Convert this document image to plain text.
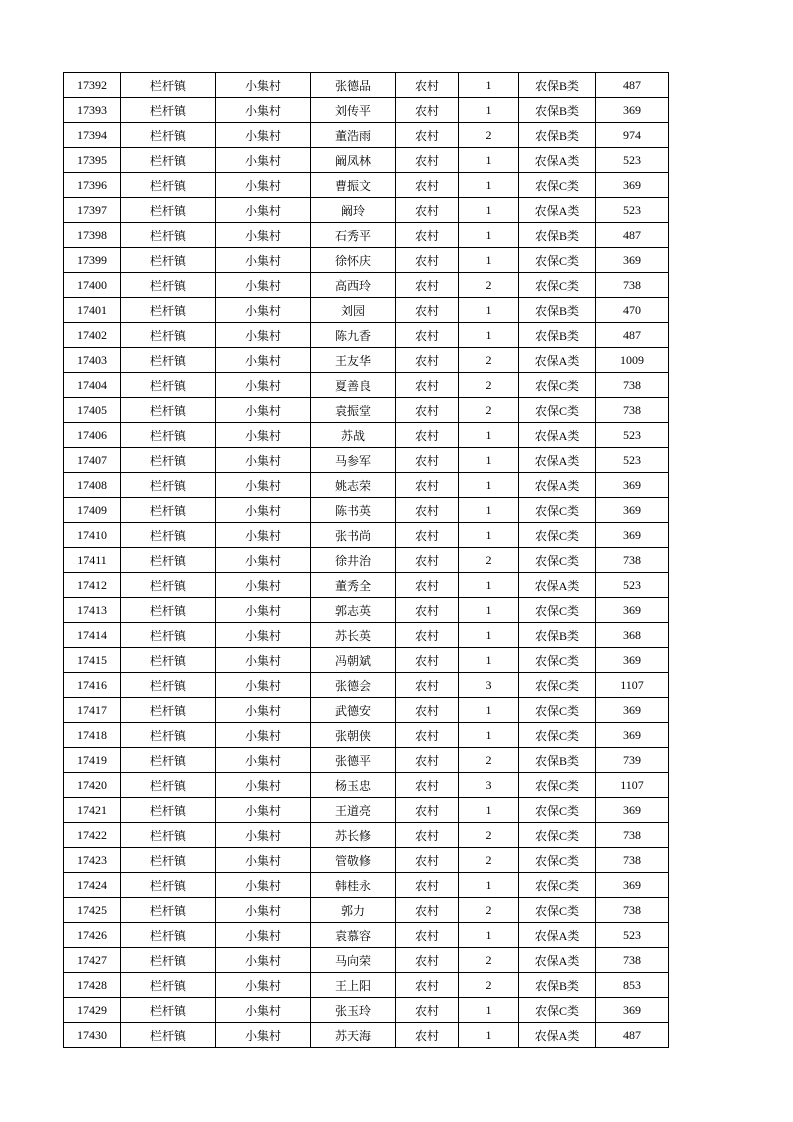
17392	栏杆镇	小集村	张德品	农村	1	农保B类	487
17393	栏杆镇	小集村	刘传平	农村	1	农保B类	369
17394	栏杆镇	小集村	董浩雨	农村	2	农保B类	974
17395	栏杆镇	小集村	阚凤林	农村	1	农保A类	523
17396	栏杆镇	小集村	曹振文	农村	1	农保C类	369
17397	栏杆镇	小集村	阚玲	农村	1	农保A类	523
17398	栏杆镇	小集村	石秀平	农村	1	农保B类	487
17399	栏杆镇	小集村	徐怀庆	农村	1	农保C类	369
17400	栏杆镇	小集村	高西玲	农村	2	农保C类	738
17401	栏杆镇	小集村	刘园	农村	1	农保B类	470
17402	栏杆镇	小集村	陈九香	农村	1	农保B类	487
17403	栏杆镇	小集村	王友华	农村	2	农保A类	1009
17404	栏杆镇	小集村	夏善良	农村	2	农保C类	738
17405	栏杆镇	小集村	袁振堂	农村	2	农保C类	738
17406	栏杆镇	小集村	苏战	农村	1	农保A类	523
17407	栏杆镇	小集村	马参军	农村	1	农保A类	523
17408	栏杆镇	小集村	姚志荣	农村	1	农保A类	369
17409	栏杆镇	小集村	陈书英	农村	1	农保C类	369
17410	栏杆镇	小集村	张书尚	农村	1	农保C类	369
17411	栏杆镇	小集村	徐井治	农村	2	农保C类	738
17412	栏杆镇	小集村	董秀全	农村	1	农保A类	523
17413	栏杆镇	小集村	郭志英	农村	1	农保C类	369
17414	栏杆镇	小集村	苏长英	农村	1	农保B类	368
17415	栏杆镇	小集村	冯朝斌	农村	1	农保C类	369
17416	栏杆镇	小集村	张德会	农村	3	农保C类	1107
17417	栏杆镇	小集村	武德安	农村	1	农保C类	369
17418	栏杆镇	小集村	张朝侠	农村	1	农保C类	369
17419	栏杆镇	小集村	张德平	农村	2	农保B类	739
17420	栏杆镇	小集村	杨玉忠	农村	3	农保C类	1107
17421	栏杆镇	小集村	王道亮	农村	1	农保C类	369
17422	栏杆镇	小集村	苏长修	农村	2	农保C类	738
17423	栏杆镇	小集村	管敬修	农村	2	农保C类	738
17424	栏杆镇	小集村	韩桂永	农村	1	农保C类	369
17425	栏杆镇	小集村	郭力	农村	2	农保C类	738
17426	栏杆镇	小集村	袁慕容	农村	1	农保A类	523
17427	栏杆镇	小集村	马向荣	农村	2	农保A类	738
17428	栏杆镇	小集村	王上阳	农村	2	农保B类	853
17429	栏杆镇	小集村	张玉玲	农村	1	农保C类	369
17430	栏杆镇	小集村	苏天海	农村	1	农保A类	487
